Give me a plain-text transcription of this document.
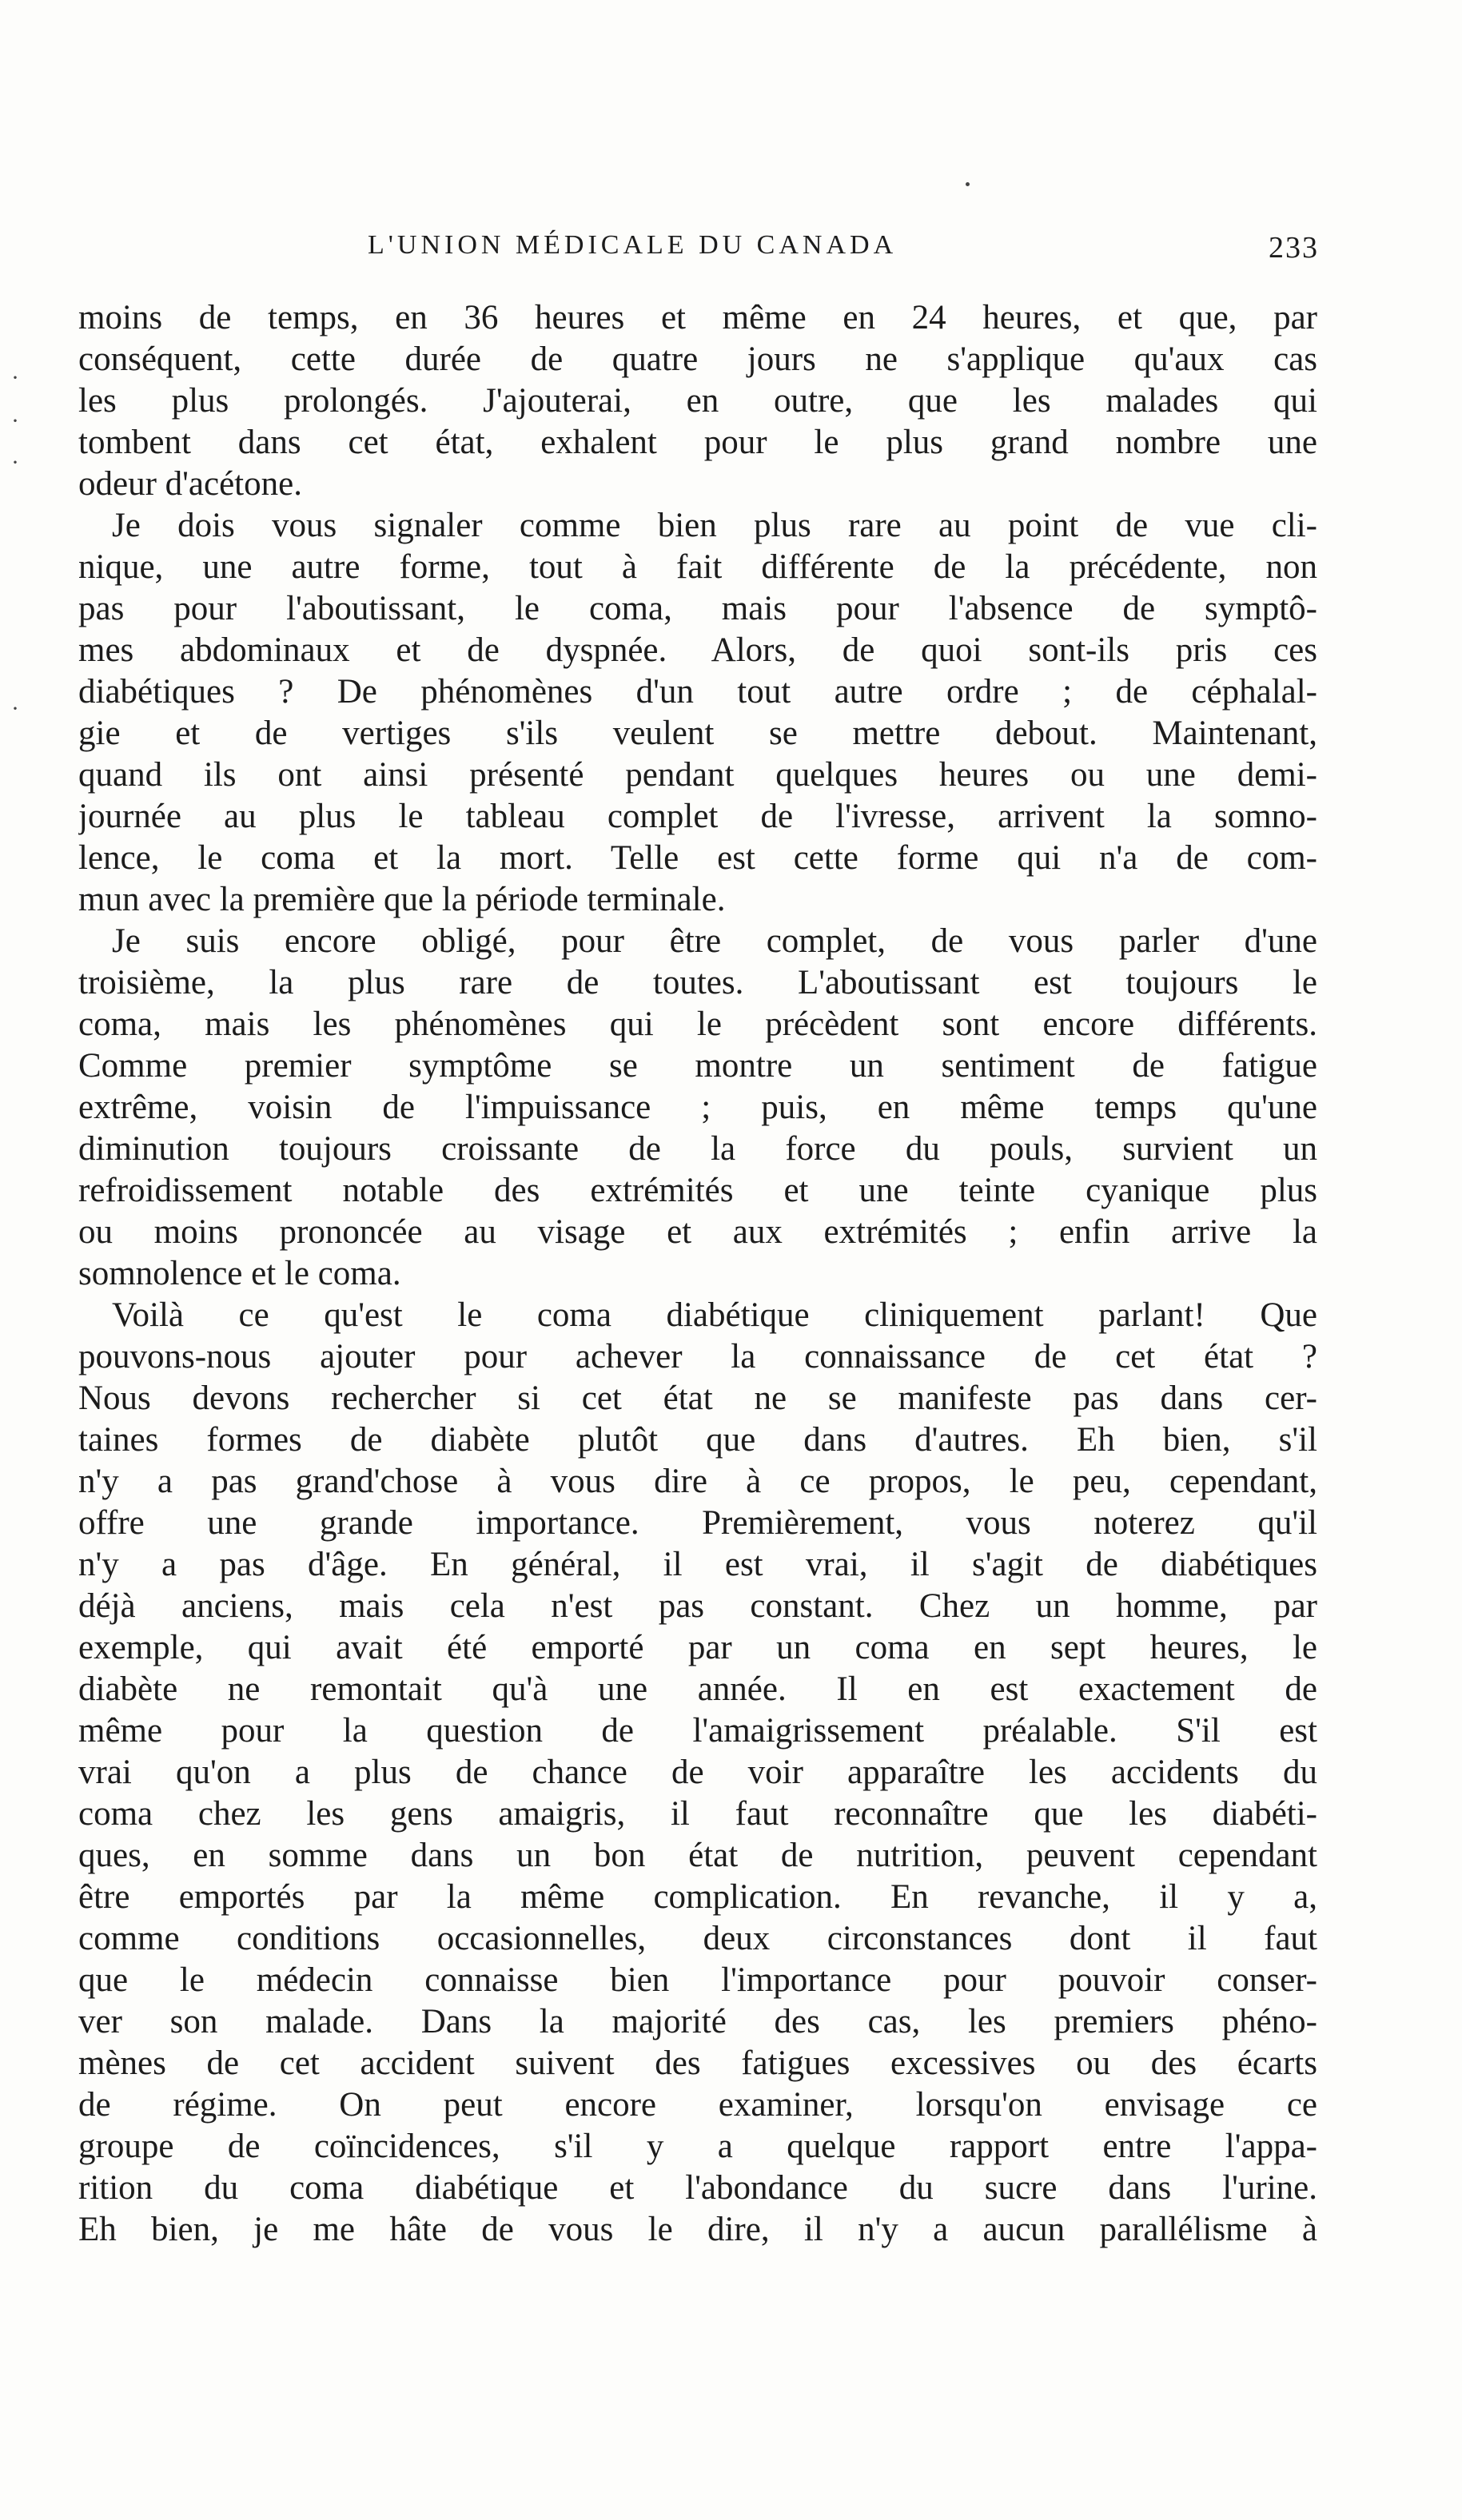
L'UNION MÉDICALE DU CANADA	233
·
·
·
·
moins de temps, en 36 heures et même en 24 heures, et que, par
conséquent, cette durée de quatre jours ne s'applique qu'aux cas
les plus prolongés. J'ajouterai, en outre, que les malades qui
tombent dans cet état, exhalent pour le plus grand nombre une
odeur d'acétone.
Je dois vous signaler comme bien plus rare au point de vue cli-
nique, une autre forme, tout à fait différente de la précédente, non
pas pour l'aboutissant, le coma, mais pour l'absence de symptô-
mes abdominaux et de dyspnée. Alors, de quoi sont-ils pris ces
diabétiques ? De phénomènes d'un tout autre ordre ; de céphalal-
gie et de vertiges s'ils veulent se mettre debout. Maintenant,
quand ils ont ainsi présenté pendant quelques heures ou une demi-
journée au plus le tableau complet de l'ivresse, arrivent la somno-
lence, le coma et la mort. Telle est cette forme qui n'a de com-
mun avec la première que la période terminale.
Je suis encore obligé, pour être complet, de vous parler d'une
troisième, la plus rare de toutes. L'aboutissant est toujours le
coma, mais les phénomènes qui le précèdent sont encore différents.
Comme premier symptôme se montre un sentiment de fatigue
extrême, voisin de l'impuissance ; puis, en même temps qu'une
diminution toujours croissante de la force du pouls, survient un
refroidissement notable des extrémités et une teinte cyanique plus
ou moins prononcée au visage et aux extrémités ; enfin arrive la
somnolence et le coma.
Voilà ce qu'est le coma diabétique cliniquement parlant! Que
pouvons-nous ajouter pour achever la connaissance de cet état ?
Nous devons rechercher si cet état ne se manifeste pas dans cer-
taines formes de diabète plutôt que dans d'autres. Eh bien, s'il
n'y a pas grand'chose à vous dire à ce propos, le peu, cependant,
offre une grande importance. Premièrement, vous noterez qu'il
n'y a pas d'âge. En général, il est vrai, il s'agit de diabétiques
déjà anciens, mais cela n'est pas constant. Chez un homme, par
exemple, qui avait été emporté par un coma en sept heures, le
diabète ne remontait qu'à une année. Il en est exactement de
même pour la question de l'amaigrissement préalable. S'il est
vrai qu'on a plus de chance de voir apparaître les accidents du
coma chez les gens amaigris, il faut reconnaître que les diabéti-
ques, en somme dans un bon état de nutrition, peuvent cependant
être emportés par la même complication. En revanche, il y a,
comme conditions occasionnelles, deux circonstances dont il faut
que le médecin connaisse bien l'importance pour pouvoir conser-
ver son malade. Dans la majorité des cas, les premiers phéno-
mènes de cet accident suivent des fatigues excessives ou des écarts
de régime. On peut encore examiner, lorsqu'on envisage ce
groupe de coïncidences, s'il y a quelque rapport entre l'appa-
rition du coma diabétique et l'abondance du sucre dans l'urine.
Eh bien, je me hâte de vous le dire, il n'y a aucun parallélisme à
